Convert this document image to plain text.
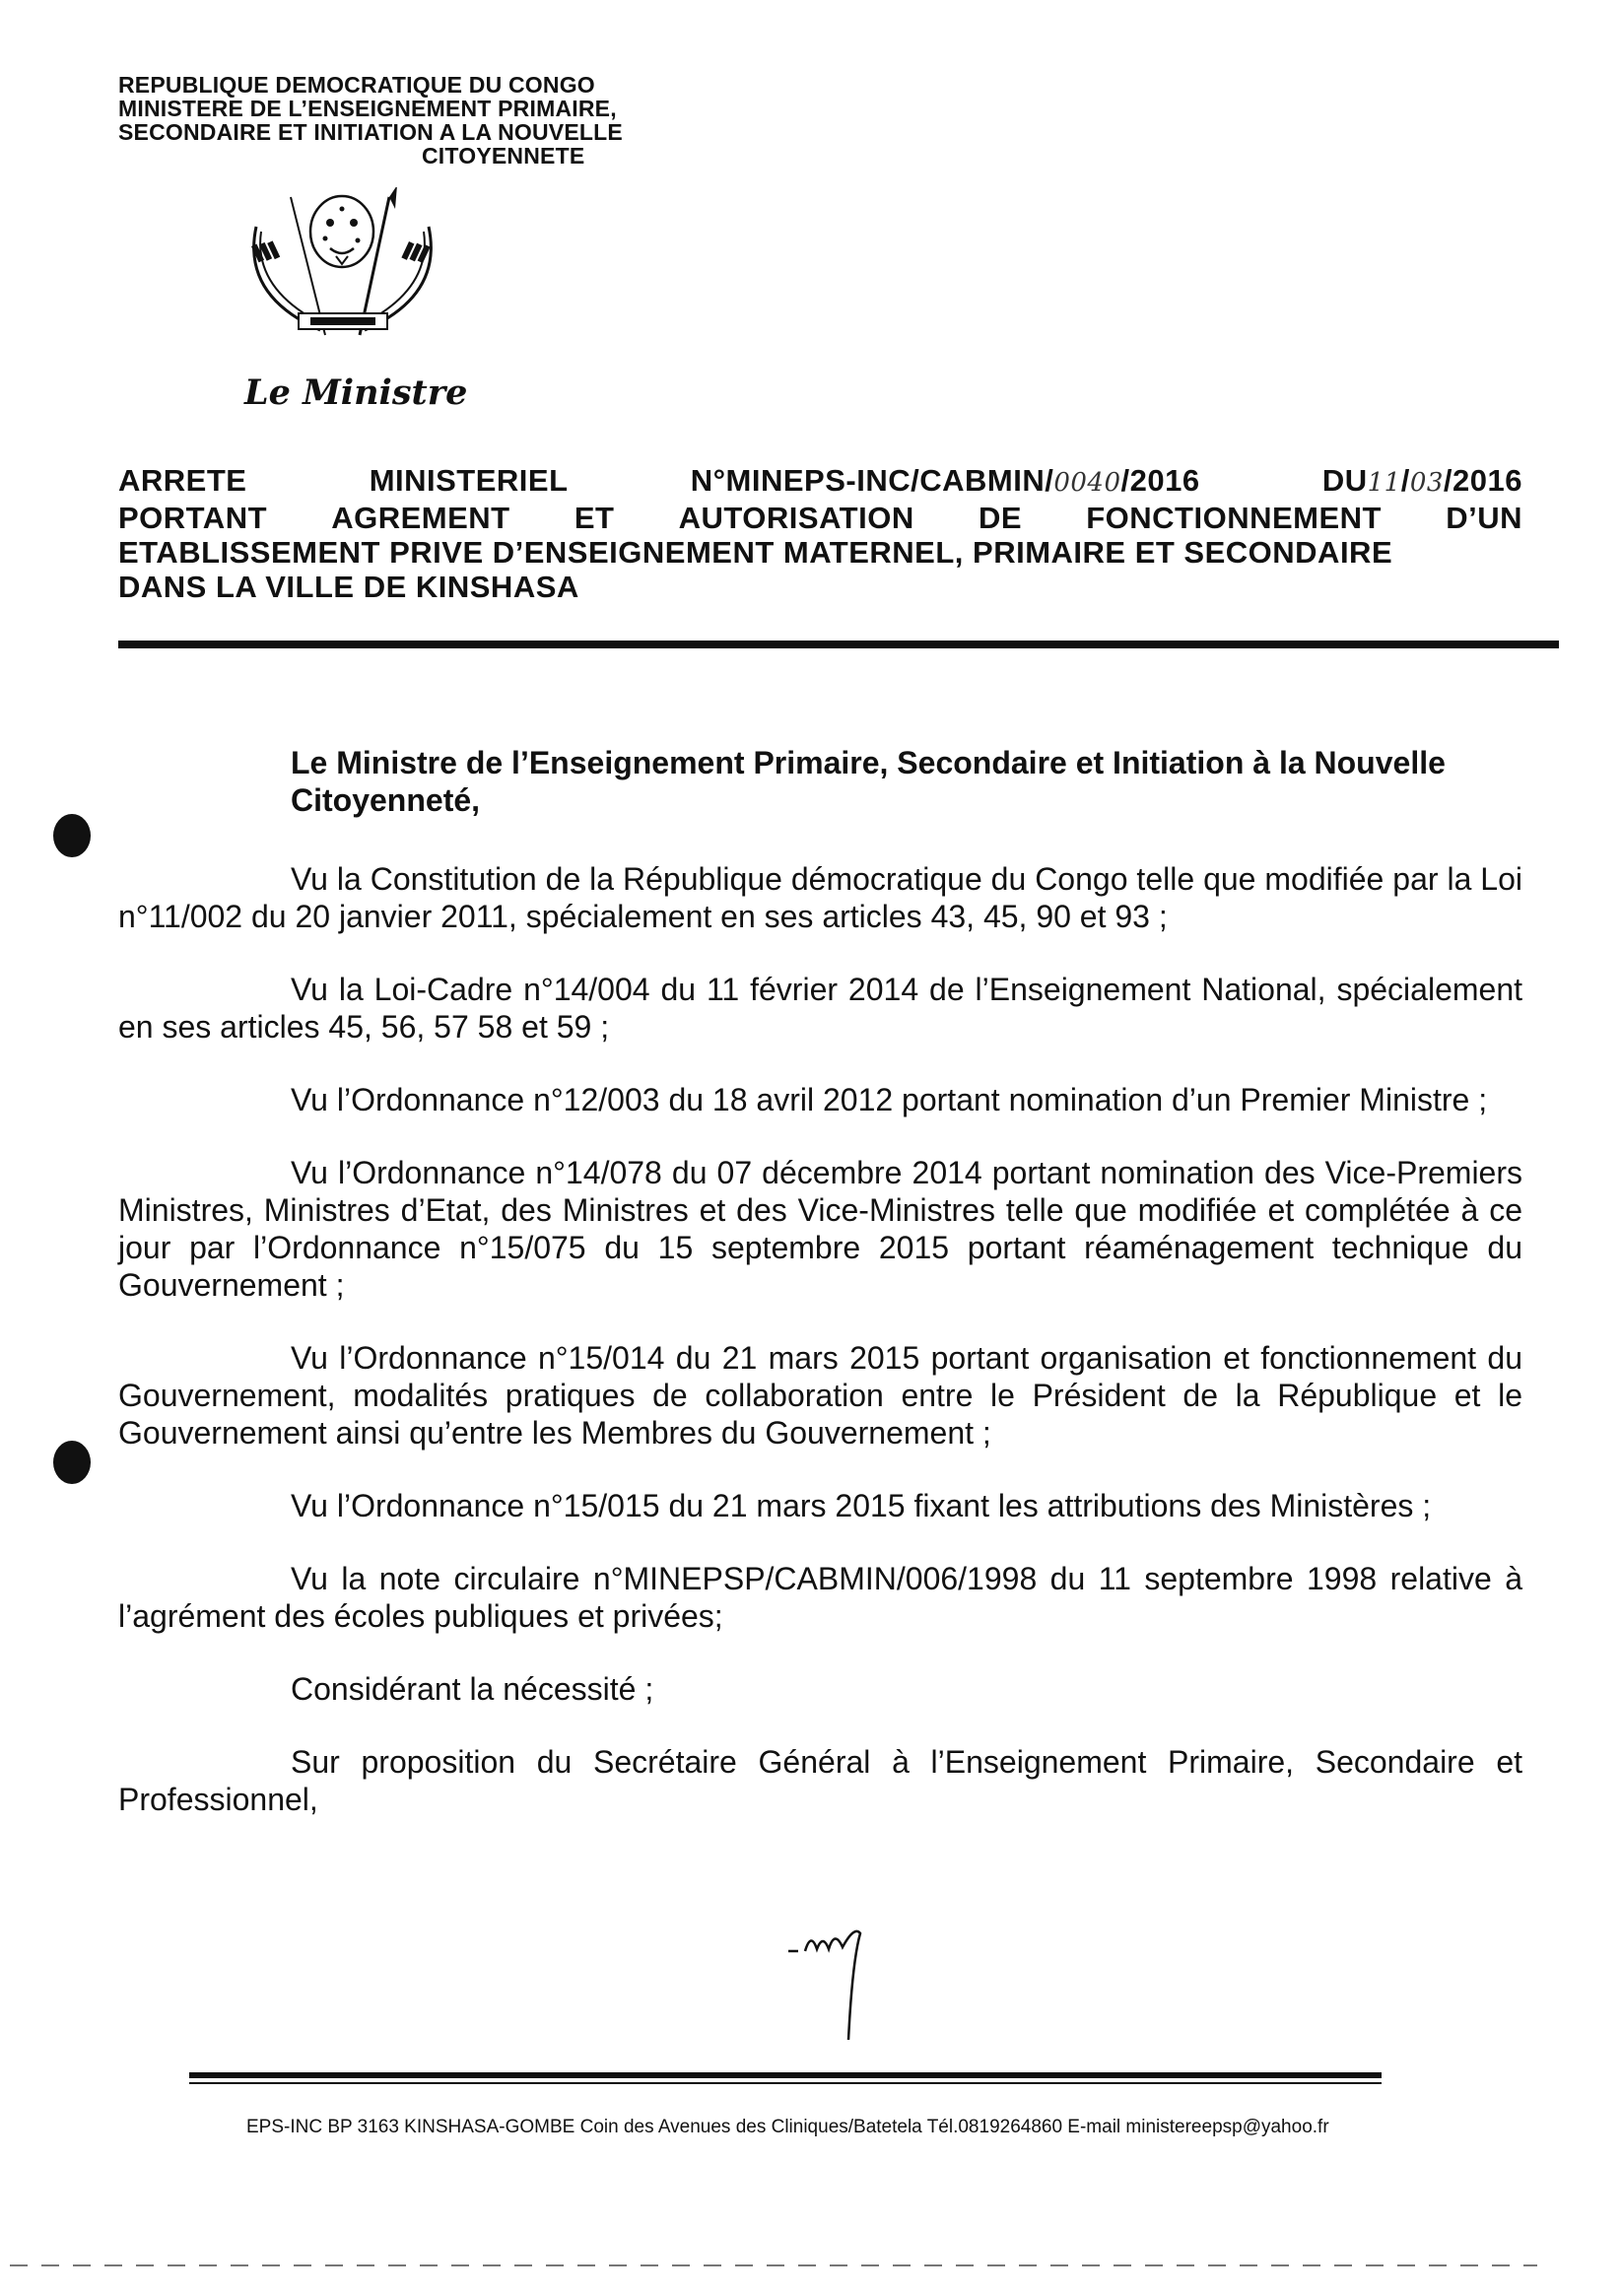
REPUBLIQUE DEMOCRATIQUE DU CONGO
MINISTERE DE L’ENSEIGNEMENT PRIMAIRE,
SECONDAIRE ET INITIATION A LA NOUVELLE
CITOYENNETE
Le Ministre
ARRETE	MINISTERIEL	N°MINEPS-INC/CABMIN/0040/2016	DU11/03/2016
PORTANT AGREMENT ET AUTORISATION DE FONCTIONNEMENT D’UN
ETABLISSEMENT PRIVE D’ENSEIGNEMENT MATERNEL, PRIMAIRE ET SECONDAIRE
DANS LA VILLE DE KINSHASA
Le Ministre de l’Enseignement Primaire, Secondaire et Initiation à la Nouvelle Citoyenneté,

Vu la Constitution de la République démocratique du Congo telle que modifiée par la Loi n°11/002 du 20 janvier 2011, spécialement en ses articles 43, 45, 90 et 93 ;

Vu la Loi-Cadre n°14/004 du 11 février 2014 de l’Enseignement National, spécialement en ses articles 45, 56, 57 58 et 59 ;

Vu l’Ordonnance n°12/003 du 18 avril 2012 portant nomination d’un Premier Ministre ;

Vu l’Ordonnance n°14/078 du 07 décembre 2014 portant nomination des Vice-Premiers Ministres, Ministres d’Etat, des Ministres et des Vice-Ministres telle que modifiée et complétée à ce jour par l’Ordonnance n°15/075 du 15 septembre 2015 portant réaménagement technique du Gouvernement ;

Vu l’Ordonnance n°15/014 du 21 mars 2015 portant organisation et fonctionnement du Gouvernement, modalités pratiques de collaboration entre le Président de la République et le Gouvernement ainsi qu’entre les Membres du Gouvernement ;

Vu l’Ordonnance n°15/015 du 21 mars 2015 fixant les attributions des Ministères ;

Vu la note circulaire n°MINEPSP/CABMIN/006/1998 du 11 septembre 1998 relative à l’agrément des écoles publiques et privées;

Considérant la nécessité ;

Sur proposition du Secrétaire Général à l’Enseignement Primaire, Secondaire et Professionnel,

EPS-INC BP 3163 KINSHASA-GOMBE Coin des Avenues des Cliniques/Batetela Tél.0819264860 E-mail ministereepsp@yahoo.fr
